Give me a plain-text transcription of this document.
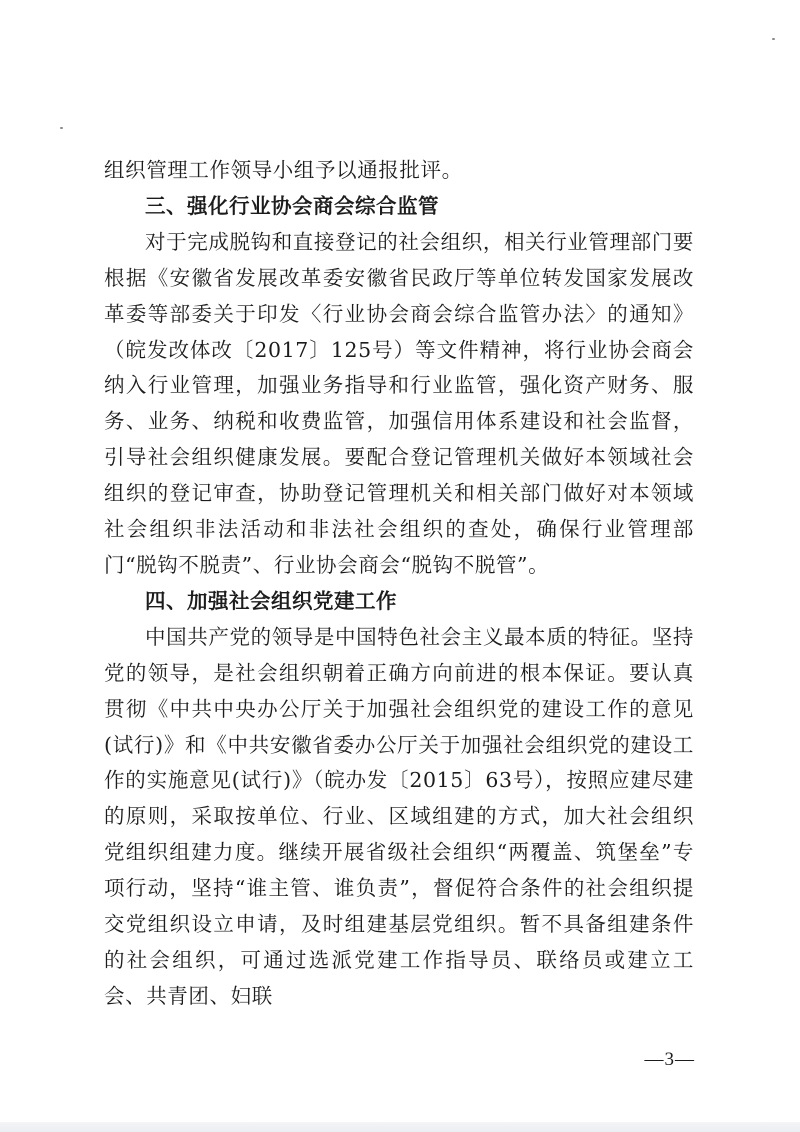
组织管理工作领导小组予以通报批评。

三、强化行业协会商会综合监管

对于完成脱钩和直接登记的社会组织，相关行业管理部门要根据《安徽省发展改革委安徽省民政厅等单位转发国家发展改革委等部委关于印发〈行业协会商会综合监管办法〉的通知》（皖发改体改〔2017〕125号）等文件精神，将行业协会商会纳入行业管理，加强业务指导和行业监管，强化资产财务、服务、业务、纳税和收费监管，加强信用体系建设和社会监督，引导社会组织健康发展。要配合登记管理机关做好本领域社会组织的登记审查，协助登记管理机关和相关部门做好对本领域社会组织非法活动和非法社会组织的查处，确保行业管理部门“脱钩不脱责”、行业协会商会“脱钩不脱管”。

四、加强社会组织党建工作

中国共产党的领导是中国特色社会主义最本质的特征。坚持党的领导，是社会组织朝着正确方向前进的根本保证。要认真贯彻《中共中央办公厅关于加强社会组织党的建设工作的意见(试行)》和《中共安徽省委办公厅关于加强社会组织党的建设工作的实施意见(试行)》（皖办发〔2015〕63号），按照应建尽建的原则，采取按单位、行业、区域组建的方式，加大社会组织党组织组建力度。继续开展省级社会组织“两覆盖、筑堡垒”专项行动，坚持“谁主管、谁负责”，督促符合条件的社会组织提交党组织设立申请，及时组建基层党组织。暂不具备组建条件的社会组织，可通过选派党建工作指导员、联络员或建立工会、共青团、妇联

—3—
